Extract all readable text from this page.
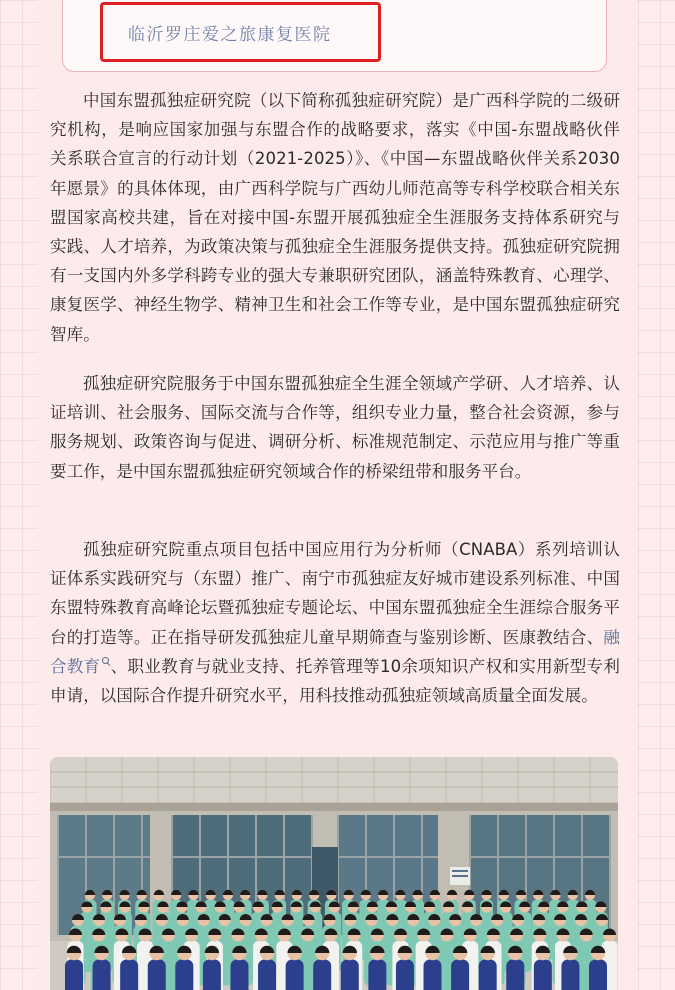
临沂罗庄爱之旅康复医院

中国东盟孤独症研究院（以下简称孤独症研究院）是广西科学院的二级研究机构，是响应国家加强与东盟合作的战略要求，落实《中国-东盟战略伙伴关系联合宣言的行动计划（2021-2025）》、《中国—东盟战略伙伴关系2030年愿景》的具体体现，由广西科学院与广西幼儿师范高等专科学校联合相关东盟国家高校共建，旨在对接中国-东盟开展孤独症全生涯服务支持体系研究与实践、人才培养，为政策决策与孤独症全生涯服务提供支持。孤独症研究院拥有一支国内外多学科跨专业的强大专兼职研究团队，涵盖特殊教育、心理学、康复医学、神经生物学、精神卫生和社会工作等专业，是中国东盟孤独症研究智库。

孤独症研究院服务于中国东盟孤独症全生涯全领域产学研、人才培养、认证培训、社会服务、国际交流与合作等，组织专业力量，整合社会资源，参与服务规划、政策咨询与促进、调研分析、标准规范制定、示范应用与推广等重要工作，是中国东盟孤独症研究领域合作的桥梁纽带和服务平台。

孤独症研究院重点项目包括中国应用行为分析师（CNABA）系列培训认证体系实践研究与（东盟）推广、南宁市孤独症友好城市建设系列标准、中国东盟特殊教育高峰论坛暨孤独症专题论坛、中国东盟孤独症全生涯综合服务平台的打造等。正在指导研发孤独症儿童早期筛查与鉴别诊断、医康教结合、融合教育 、职业教育与就业支持、托养管理等10余项知识产权和实用新型专利申请，以国际合作提升研究水平，用科技推动孤独症领域高质量全面发展。
